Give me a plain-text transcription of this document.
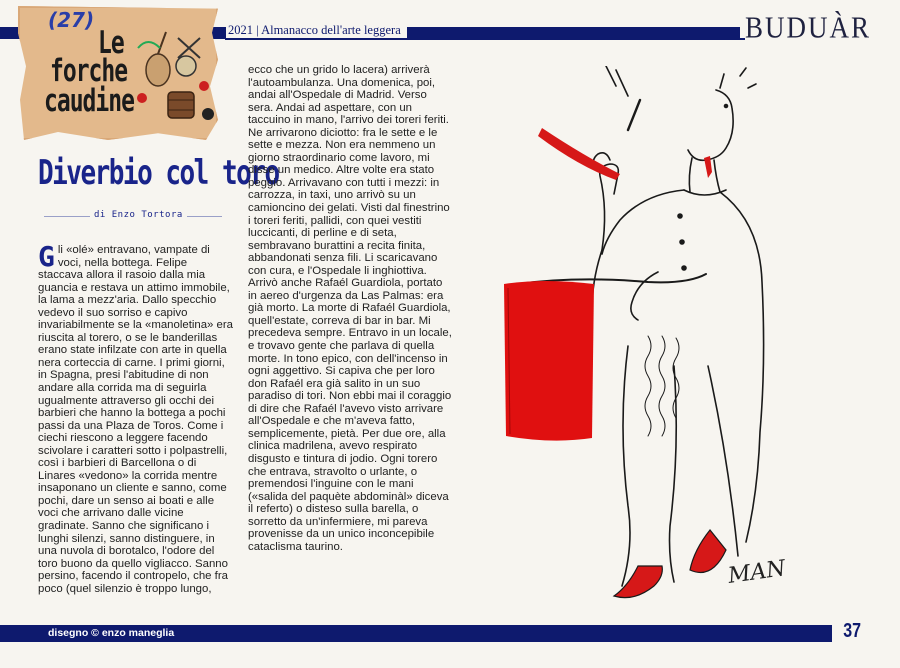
2021 | Almanacco dell'arte leggera	BUDUÀR
(27)
Le
forche
caudine
Diverbio col toro
di Enzo Tortora
G li «olé» entravano, vampate di voci, nella bottega. Felipe staccava allora il rasoio dalla mia guancia e restava un attimo immobile, la lama a mezz'aria. Dallo specchio vedevo il suo sorriso e capivo invariabilmente se la «manoletina» era riuscita al torero, o se le banderillas erano state infilzate con arte in quella nera corteccia di carne. I primi giorni, in Spagna, presi l'abitudine di non andare alla corrida ma di seguirla ugualmente attraverso gli occhi dei barbieri che hanno la bottega a pochi passi da una Plaza de Toros. Come i ciechi riescono a leggere facendo scivolare i caratteri sotto i polpastrelli, così i barbieri di Barcellona o di Linares «vedono» la corrida mentre insaponano un cliente e sanno, come pochi, dare un senso ai boati e alle voci che arrivano dalle vicine gradinate. Sanno che significano i lunghi silenzi, sanno distinguere, in una nuvola di borotalco, l'odore del toro buono da quello vigliacco. Sanno persino, facendo il contropelo, che fra poco (quel silenzio è troppo lungo,
ecco che un grido lo lacera) arriverà l'autoambulanza. Una domenica, poi, andai all'Ospedale di Madrid. Verso sera. Andai ad aspettare, con un taccuino in mano, l'arrivo dei toreri feriti. Ne arrivarono diciotto: fra le sette e le sette e mezza. Non era nemmeno un giorno straordinario come lavoro, mi disse un medico. Altre volte era stato peggio. Arrivavano con tutti i mezzi: in carrozza, in taxi, uno arrivò su un camioncino dei gelati. Visti dal finestrino i toreri feriti, pallidi, con quei vestiti luccicanti, di perline e di seta, sembravano burattini a recita finita, abbandonati senza fili. Li scaricavano con cura, e l'Ospedale li inghiottiva. Arrivò anche Rafaél Guardiola, portato in aereo d'urgenza da Las Palmas: era già morto. La morte di Rafaél Guardiola, quell'estate, correva di bar in bar. Mi precedeva sempre. Entravo in un locale, e trovavo gente che parlava di quella morte. In tono epico, con dell'incenso in ogni aggettivo. Si capiva che per loro don Rafaél era già salito in un suo paradiso di tori. Non ebbi mai il coraggio di dire che Rafaél l'avevo visto arrivare all'Ospedale e che m'aveva fatto, semplicemente, pietà. Per due ore, alla clinica madrilena, avevo respirato disgusto e tintura di jodio. Ogni torero che entrava, stravolto o urlante, o premendosi l'inguine con le mani («salida del paquète abdominàl» diceva il referto) o disteso sulla barella, o sorretto da un'infermiere, mi pareva provenisse da un unico inconcepibile cataclisma taurino.
MAN
disegno © enzo maneglia	37
